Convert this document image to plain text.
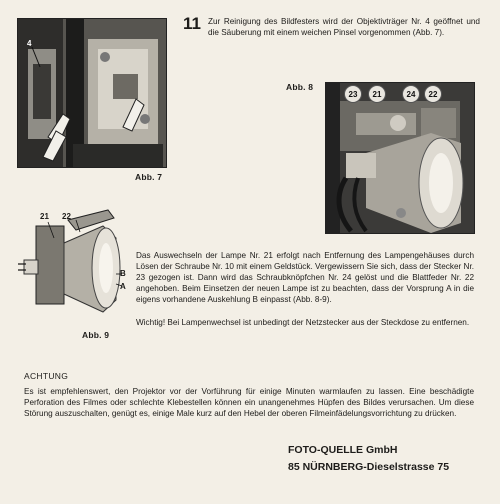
4
Abb. 7
11 Zur Reinigung des Bildfesters wird der Objektivträger Nr. 4 geöffnet und die Säuberung mit einem weichen Pinsel vorgenommen (Abb. 7).
Abb. 8
23	21	24	22
21 22
B
A
Abb. 9
Das Auswechseln der Lampe Nr. 21 erfolgt nach Entfernung des Lampengehäuses durch Lösen der Schraube Nr. 10 mit einem Geldstück. Vergewissern Sie sich, dass der Stecker Nr. 23 gezogen ist. Dann wird das Schraubknöpfchen Nr. 24 gelöst und die Blattfeder Nr. 22 angehoben. Beim Einsetzen der neuen Lampe ist zu beachten, dass der Vorsprung A in die eigens vorhandene Auskehlung B einpasst (Abb. 8-9).
Wichtig! Bei Lampenwechsel ist unbedingt der Netzstecker aus der Steckdose zu entfernen.
ACHTUNG
Es ist empfehlenswert, den Projektor vor der Vorführung für einige Minuten warmlaufen zu lassen. Eine beschädigte Perforation des Filmes oder schlechte Klebestellen können ein unangenehmes Hüpfen des Bildes verursachen. Um diese Störung auszuschalten, genügt es, einige Male kurz auf den Hebel der oberen Filmeinfädelungsvorrichtung zu drücken.
FOTO-QUELLE GmbH
85 NÜRNBERG-Dieselstrasse 75
